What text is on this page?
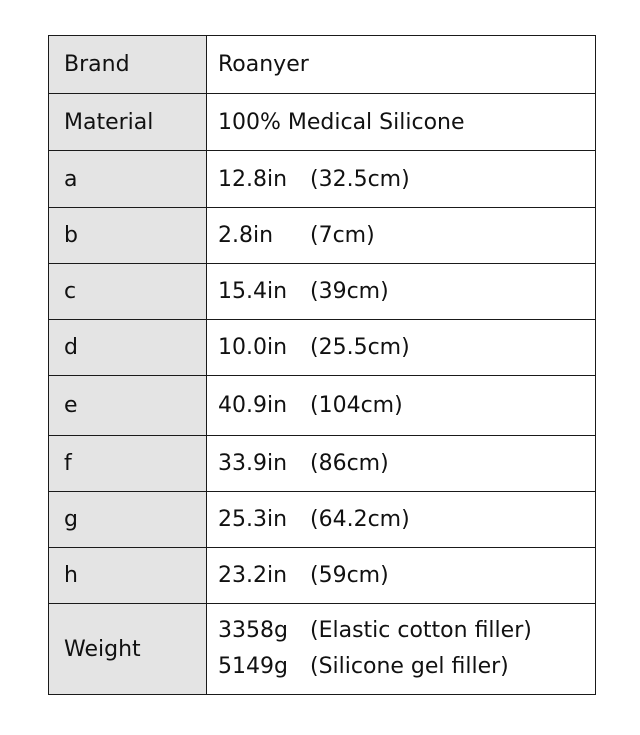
Brand	Roanyer
Material	100% Medical Silicone
a	12.8in (32.5cm)
b	2.8in (7cm)
c	15.4in (39cm)
d	10.0in (25.5cm)
e	40.9in (104cm)
f	33.9in (86cm)
g	25.3in (64.2cm)
h	23.2in (59cm)
Weight	3358g (Elastic cotton filler)
5149g (Silicone gel filler)
